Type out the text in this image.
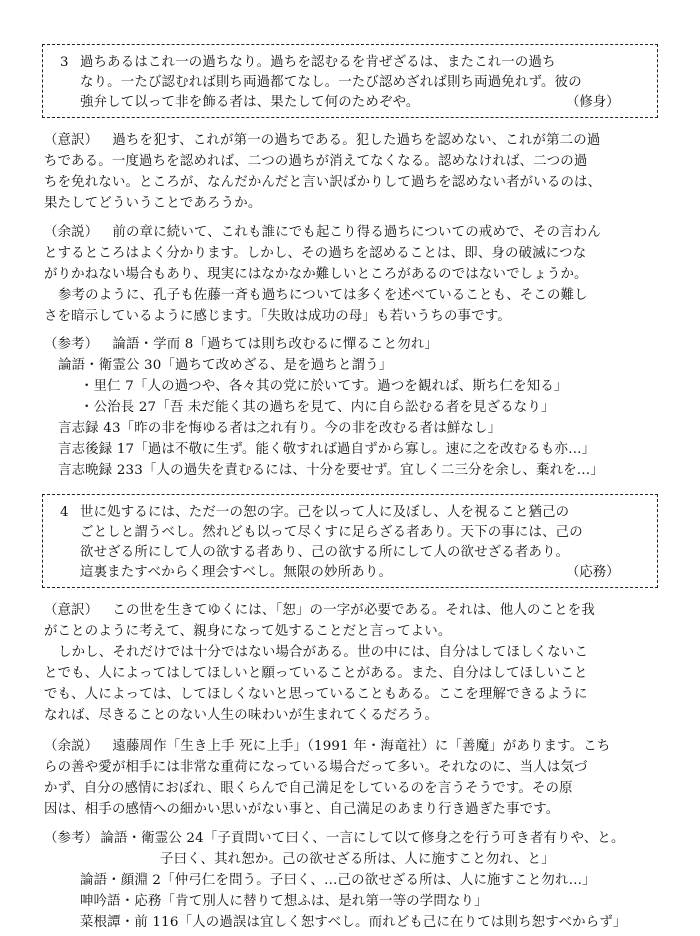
3 過ちあるはこれ一の過ちなり。過ちを認むるを肯ぜざるは、またこれ一の過ち
なり。一たび認むれば則ち両過都てなし。一たび認めざれば則ち両過免れず。彼の
強弁して以って非を飾る者は、果たして何のためぞや。	（修身）
（意訳） 過ちを犯す、これが第一の過ちである。犯した過ちを認めない、これが第二の過
ちである。一度過ちを認めれば、二つの過ちが消えてなくなる。認めなければ、二つの過
ちを免れない。ところが、なんだかんだと言い訳ばかりして過ちを認めない者がいるのは、
果たしてどういうことであろうか。
（余説） 前の章に続いて、これも誰にでも起こり得る過ちについての戒めで、その言わん
とするところはよく分かります。しかし、その過ちを認めることは、即、身の破滅につな
がりかねない場合もあり、現実にはなかなか難しいところがあるのではないでしょうか。
参考のように、孔子も佐藤一斉も過ちについては多くを述べていることも、そこの難し
さを暗示しているように感じます。「失敗は成功の母」も若いうちの事です。
（参考） 論語・学而 8「過ちては則ち改むるに憚ること勿れ」
論語・衛霊公 30「過ちて改めざる、是を過ちと謂う」
・里仁 7「人の過つや、各々其の党に於いてす。過つを観れば、斯ち仁を知る」
・公治長 27「吾 未だ能く其の過ちを見て、内に自ら訟むる者を見ざるなり」
言志録 43「昨の非を悔ゆる者は之れ有り。今の非を改むる者は鮮なし」
言志後録 17「過は不敬に生ず。能く敬すれば過自ずから寡し。速に之を改むるも亦…」
言志晩録 233「人の過失を責むるには、十分を要せず。宜しく二三分を余し、棄れを…」
4 世に処するには、ただ一の恕の字。己を以って人に及ぼし、人を視ること猶己の
ごとしと謂うべし。然れども以って尽くすに足らざる者あり。天下の事には、己の
欲せざる所にして人の欲する者あり、己の欲する所にして人の欲せざる者あり。
這裏またすべからく理会すべし。無限の妙所あり。	（応務）
（意訳） この世を生きてゆくには、「恕」の一字が必要である。それは、他人のことを我
がことのように考えて、親身になって処することだと言ってよい。
しかし、それだけでは十分ではない場合がある。世の中には、自分はしてほしくないこ
とでも、人によってはしてほしいと願っていることがある。また、自分はしてほしいこと
でも、人によっては、してほしくないと思っていることもある。ここを理解できるように
なれば、尽きることのない人生の味わいが生まれてくるだろう。
（余説） 遠藤周作「生き上手 死に上手」（1991 年・海竜社）に「善魔」があります。こち
らの善や愛が相手には非常な重荷になっている場合だって多い。それなのに、当人は気づ
かず、自分の感情におぼれ、眼くらんで自己満足をしているのを言うそうです。その原
因は、相手の感情への細かい思いがない事と、自己満足のあまり行き過ぎた事です。
（参考） 論語・衛霊公 24「子貢問いて曰く、一言にして以て修身之を行う可き者有りや、と。
子曰く、其れ恕か。己の欲せざる所は、人に施すこと勿れ、と」
論語・顔淵 2「仲弓仁を問う。子曰く、…己の欲せざる所は、人に施すこと勿れ…」
呻吟語・応務「肯て別人に替りて想ふは、是れ第一等の学問なり」
菜根譚・前 116「人の過誤は宜しく恕すべし。而れども己に在りては則ち恕すべからず」
